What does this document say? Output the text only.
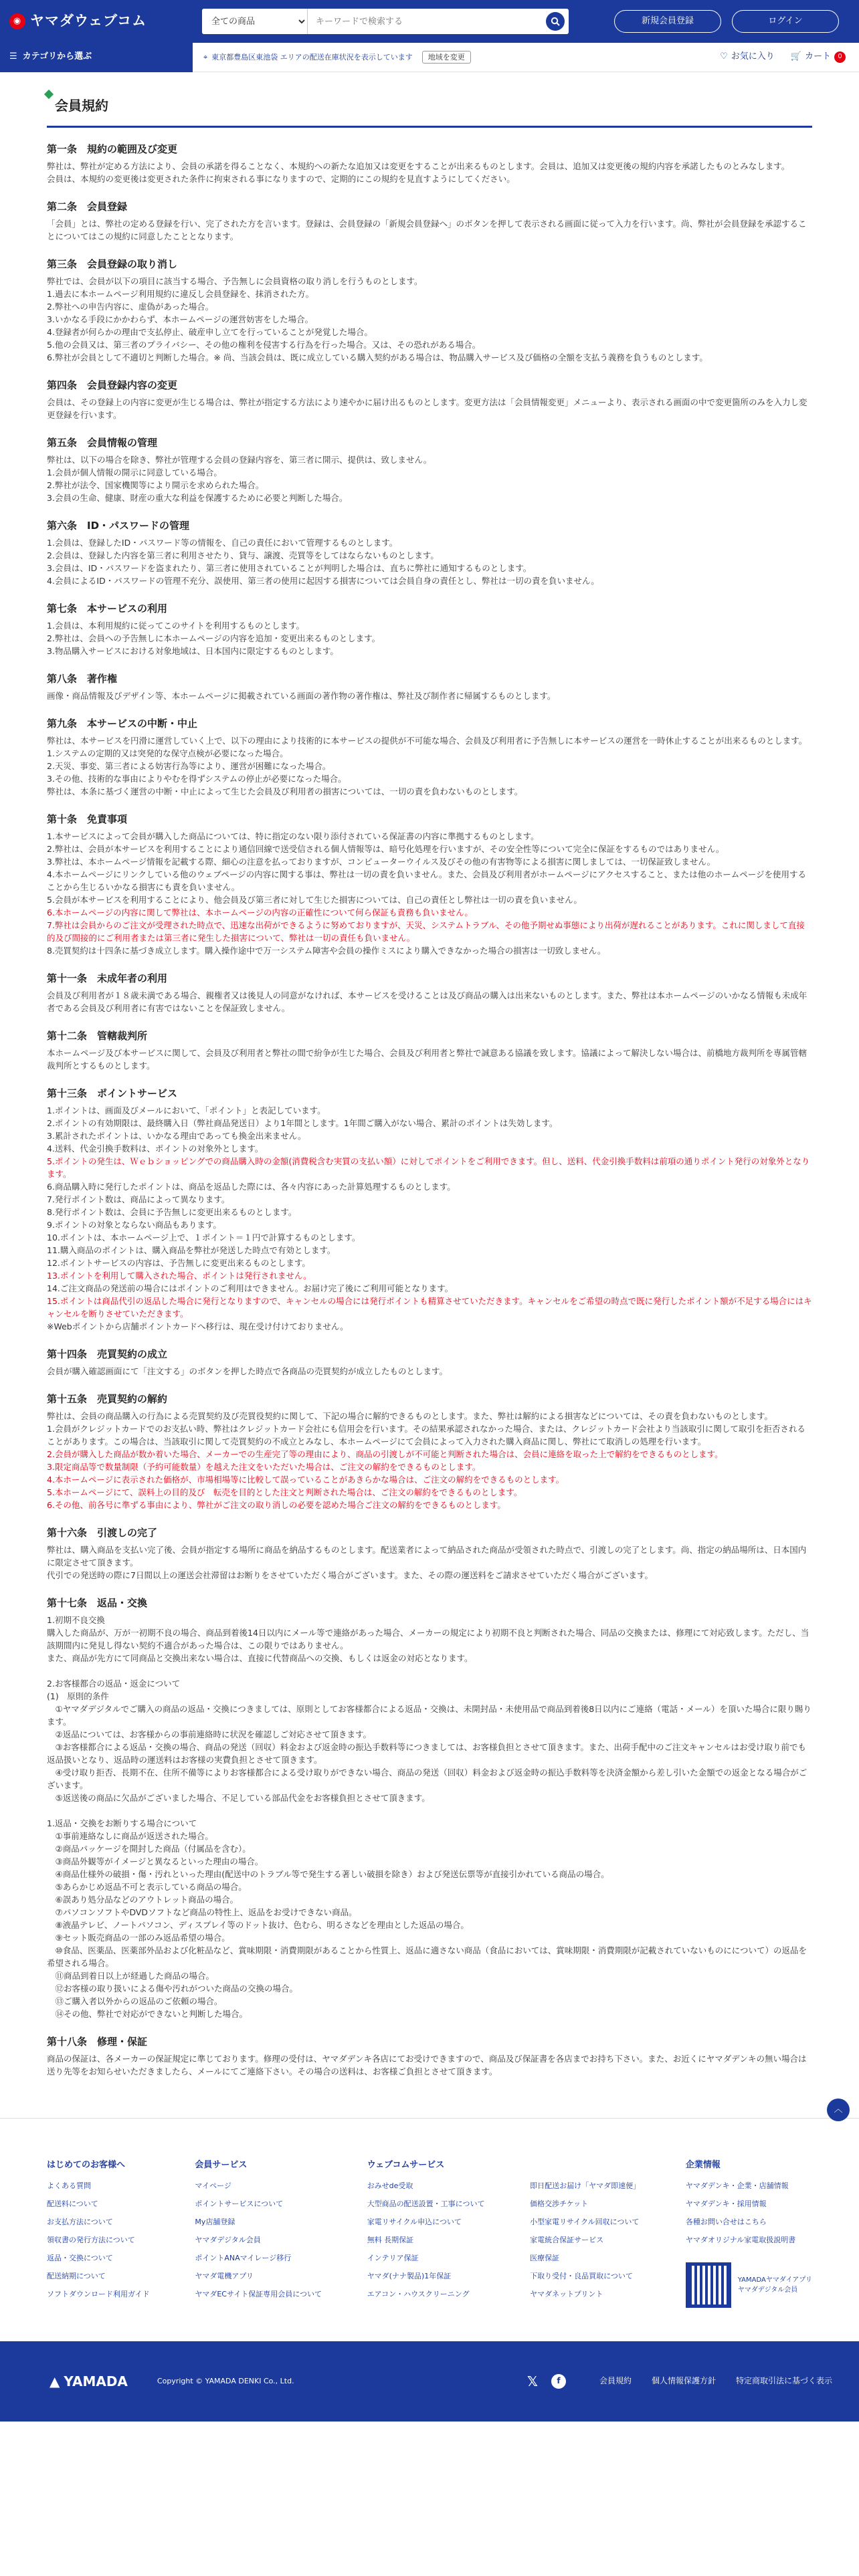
◉ ヤマダウェブコム
全ての商品
キーワードで検索する	新規会員登録	ログイン
☰ カテゴリから選ぶ	⌖ 東京都豊島区東池袋 エリアの配送在庫状況を表示しています	地域を変更	♡ お気に入り 🛒 カート	0
会員規約
第一条　規約の範囲及び変更

弊社は、弊社が定める方法により、会員の承諾を得ることなく、本規約への新たな追加又は変更をすることが出来るものとします。会員は、追加又は変更後の規約内容を承諾したものとみなします。

会員は、本規約の変更後は変更された条件に拘束される事になりますので、定期的にこの規約を見直すようにしてください。

第二条　会員登録

「会員」とは、弊社の定める登録を行い、完了された方を言います。登録は、会員登録の「新規会員登録へ」のボタンを押して表示される画面に従って入力を行います。尚、弊社が会員登録を承認することについてはこの規約に同意したこととなります。

第三条　会員登録の取り消し

弊社では、会員が以下の項目に該当する場合、予告無しに会員資格の取り消しを行うものとします。

1.過去に本ホームページ利用規約に違反し会員登録を、抹消された方。

2.弊社への申告内容に、虚偽があった場合。

3.いかなる手段にかかわらず、本ホームページの運営妨害をした場合。

4.登録者が何らかの理由で支払停止、破産申し立てを行っていることが発覚した場合。

5.他の会員又は、第三者のプライバシー、その他の権利を侵害する行為を行った場合。又は、その恐れがある場合。

6.弊社が会員として不適切と判断した場合。※ 尚、当該会員は、既に成立している購入契約がある場合は、物品購入サービス及び価格の全額を支払う義務を負うものとします。

第四条　会員登録内容の変更

会員は、その登録上の内容に変更が生じる場合は、弊社が指定する方法により速やかに届け出るものとします。変更方法は「会員情報変更」メニューより、表示される画面の中で変更箇所のみを入力し変更登録を行います。

第五条　会員情報の管理

弊社は、以下の場合を除き、弊社が管理する会員の登録内容を、第三者に開示、提供は、致しません。

1.会員が個人情報の開示に同意している場合。

2.弊社が法令、国家機関等により開示を求められた場合。

3.会員の生命、健康、財産の重大な利益を保護するために必要と判断した場合。

第六条　ID・パスワードの管理

1.会員は、登録したID・パスワード等の情報を、自己の責任において管理するものとします。

2.会員は、登録した内容を第三者に利用させたり、貸与、譲渡、売買等をしてはならないものとします。

3.会員は、ID・パスワードを盗まれたり、第三者に使用されていることが判明した場合は、直ちに弊社に通知するものとします。

4.会員によるID・パスワードの管理不充分、誤使用、第三者の使用に起因する損害については会員自身の責任とし、弊社は一切の責を負いません。

第七条　本サービスの利用

1.会員は、本利用規約に従ってこのサイトを利用するものとします。

2.弊社は、会員への予告無しに本ホームページの内容を追加・変更出来るものとします。

3.物品購入サービスにおける対象地域は、日本国内に限定するものとします。

第八条　著作権

画像・商品情報及びデザイン等、本ホームページに掲載されている画面の著作物の著作権は、弊社及び制作者に帰属するものとします。

第九条　本サービスの中断・中止

弊社は、本サービスを円滑に運営していく上で、以下の理由により技術的に本サービスの提供が不可能な場合、会員及び利用者に予告無しに本サービスの運営を一時休止することが出来るものとします。

1.システムの定期的又は突発的な保守点検が必要になった場合。

2.天災、事変、第三者による妨害行為等により、運営が困難になった場合。

3.その他、技術的な事由によりやむを得ずシステムの停止が必要になった場合。

弊社は、本条に基づく運営の中断・中止によって生じた会員及び利用者の損害については、一切の責を負わないものとします。

第十条　免責事項

1.本サービスによって会員が購入した商品については、特に指定のない限り添付されている保証書の内容に準拠するものとします。

2.弊社は、会員が本サービスを利用することにより通信回線で送受信される個人情報等は、暗号化処理を行いますが、その安全性等について完全に保証をするものではありません。

3.弊社は、本ホームページ情報を記載する際、細心の注意を払っておりますが、コンピューターウイルス及びその他の有害物等による損害に関しましては、一切保証致しません。

4.本ホームページにリンクしている他のウェブページの内容に関する事は、弊社は一切の責を負いません。また、会員及び利用者がホームページにアクセスすること、または他のホームページを使用することから生じるいかなる損害にも責を負いません。

5.会員が本サービスを利用することにより、他会員及び第三者に対して生じた損害については、自己の責任とし弊社は一切の責を負いません。

6.本ホームページの内容に関して弊社は、本ホームページの内容の正確性について何ら保証も責務も負いません。

7.弊社は会員からのご注文が受理された時点で、迅速な出荷ができるように努めておりますが、天災、システムトラブル、その他予期せぬ事態により出荷が遅れることがあります。これに関しまして直接的及び間接的にご利用者または第三者に発生した損害について、弊社は一切の責任も負いません。

8.売買契約は十四条に基づき成立します。購入操作途中で万一システム障害や会員の操作ミスにより購入できなかった場合の損害は一切致しません。

第十一条　未成年者の利用

会員及び利用者が１８歳未満である場合、親権者又は後見人の同意がなければ、本サービスを受けることは及び商品の購入は出来ないものとします。また、弊社は本ホームページのいかなる情報も未成年者である会員及び利用者に有害ではないことを保証致しません。

第十二条　管轄裁判所

本ホームページ及び本サービスに関して、会員及び利用者と弊社の間で紛争が生じた場合、会員及び利用者と弊社で誠意ある協議を致します。協議によって解決しない場合は、前橋地方裁判所を専属管轄裁判所とするものとします。

第十三条　ポイントサービス

1.ポイントは、画面及びメールにおいて、「ポイント」と表記しています。

2.ポイントの有効期限は、最終購入日（弊社商品発送日）より1年間とします。1年間ご購入がない場合、累計のポイントは失効します。

3.累計されたポイントは、いかなる理由であっても換金出来ません。

4.送料、代金引換手数料は、ポイントの対象外とします。

5.ポイントの発生は、Ｗｅｂショッピングでの商品購入時の金額(消費税含む実質の支払い額）に対してポイントをご利用できます。但し、送料、代金引換手数料は前項の通りポイント発行の対象外となります。

6.商品購入時に発行したポイントは、商品を返品した際には、各々内容にあった計算処理するものとします。

7.発行ポイント数は、商品によって異なります。

8.発行ポイント数は、会員に予告無しに変更出来るものとします。

9.ポイントの対象とならない商品もあります。

10.ポイントは、本ホームページ上で、１ポイント＝１円で計算するものとします。

11.購入商品のポイントは、購入商品を弊社が発送した時点で有効とします。

12.ポイントサービスの内容は、予告無しに変更出来るものとします。

13.ポイントを利用して購入された場合、ポイントは発行されません。

14.ご注文商品の発送前の場合にはポイントのご利用はできません。お届け完了後にご利用可能となります。

15.ポイントは商品代引の返品した場合に発行となりますので、キャンセルの場合には発行ポイントも精算させていただきます。キャンセルをご希望の時点で既に発行したポイント額が不足する場合にはキャンセルを断りさせていただきます。

※Webポイントから店舗ポイントカードへ移行は、現在受け付けておりません。

第十四条　売買契約の成立

会員が購入確認画面にて「注文する」のボタンを押した時点で各商品の売買契約が成立したものとします。

第十五条　売買契約の解約

弊社は、会員の商品購入の行為による売買契約及び売買役契約に関して、下記の場合に解約できるものとします。また、弊社は解約による損害などについては、その責を負わないものとします。

1.会員がクレジットカードでのお支払い時、弊社はクレジットカード会社にも信用会を行います。その結果承認されなかった場合、または、クレジットカード会社より当該取引に関して取引を拒否されることがあります。この場合は、当該取引に関して売買契約の不成立とみなし、本ホームページにて会員によって入力された購入商品に関し、弊社にて取消しの処理を行います。

2.会員が購入した商品が数か着いた場合、メーカーでの生産完了等の理由により、商品の引渡しが不可能と判断された場合は、会員に連絡を取った上で解約をできるものとします。

3.限定商品等で数量制限（予約可能数量）を越えた注文をいただいた場合は、ご注文の解約をできるものとします。

4.本ホームページに表示された価格が、市場相場等に比較して誤っていることがあきらかな場合は、ご注文の解約をできるものとします。

5.本ホームページにて、誤料上の目的及び　転売を目的とした注文と判断された場合は、ご注文の解約をできるものとします。

6.その他、前各号に準ずる事由により、弊社がご注文の取り消しの必要を認めた場合ご注文の解約をできるものとします。

第十六条　引渡しの完了

弊社は、購入商品を支払い完了後、会員が指定する場所に商品を納品するものとします。配送業者によって納品された商品が受領された時点で、引渡しの完了とします。尚、指定の納品場所は、日本国内に限定させて頂きます。

代引での発送時の際に7日間以上の運送会社滞留はお断りをさせていただく場合がございます。また、その際の運送料をご請求させていただく場合がございます。

第十七条　返品・交換

1.初期不良交換

購入した商品が、万が一初期不良の場合、商品到着後14日以内にメール等で連絡があった場合、メーカーの規定により初期不良と判断された場合、同品の交換または、修理にて対応致します。ただし、当該期間内に発見し得ない契約不適合があった場合は、この限りではありません。

また、商品が先方にて同商品と交換出来ない場合は、直接に代替商品への交換、もしくは返金の対応となります。

2.お客様都合の返品・返金について

(1)　原則的条件

　①ヤマダデジタルでご購入の商品の返品・交換につきましては、原則としてお客様都合による返品・交換は、未開封品・未使用品で商品到着後8日以内にご連絡（電話・メール）を頂いた場合に限り賜ります。

　②返品については、お客様からの事前連絡時に状況を確認しご対応させて頂きます。

　③お客様都合による返品・交換の場合、商品の発送（回収）料金および返金時の振込手数料等につきましては、お客様負担とさせて頂きます。また、出荷手配中のご注文キャンセルはお受け取り前でも返品扱いとなり、返品時の運送料はお客様の実費負担とさせて頂きます。

　④受け取り拒否、長期不在、住所不備等によりお客様都合による受け取りができない場合、商品の発送（回収）料金および返金時の振込手数料等を決済金額から差し引いた金額での返金となる場合がございます。

　⑤返送後の商品に欠品がございました場合、不足している部品代金をお客様負担とさせて頂きます。

1.返品・交換をお断りする場合について

　①事前連絡なしに商品が返送された場合。

　②商品パッケージを開封した商品（付属品を含む）。

　③商品外観等がイメージと異なるといった理由の場合。

　④商品仕様外の破損・傷・汚れといった理由(配送中のトラブル等で発生する著しい破損を除き）および発送伝票等が直接引かれている商品の場合。

　⑤あらかじめ返品不可と表示している商品の場合。

　⑥誤あり処分品などのアウトレット商品の場合。

　⑦パソコンソフトやDVDソフトなど商品の特性上、返品をお受けできない商品。

　⑧液晶テレビ、ノートパソコン、ディスプレイ等のドット抜け、色むら、明るさなどを理由とした返品の場合。

　⑨セット販売商品の一部のみ返品希望の場合。

　⑩食品、医薬品、医薬部外品および化粧品など、賞味期限・消費期限があることから性質上、返品に適さない商品（食品においては、賞味期限・消費期限が記載されていないものにについて）の返品を希望される場合。

　⑪商品到着日以上が経過した商品の場合。

　⑫お客様の取り扱いによる傷や汚れがついた商品の交換の場合。

　⑬ご購入者以外からの返品のご依頼の場合。

　⑭その他、弊社で対応ができないと判断した場合。

第十八条　修理・保証

商品の保証は、各メーカーの保証規定に準じております。修理の受付は、ヤマダデンキ各店にてお受けできますので、商品及び保証書を各店までお持ち下さい。また、お近くにヤマダデンキの無い場合は送り先等をお知らせいただきましたら、メールにてご連絡下さい。その場合の送料は、お客様ご負担とさせて頂きます。

︿
はじめてのお客様へ
よくある質問
配送料について
お支払方法について
領収書の発行方法について
返品・交換について
配送納期について
ソフトダウンロード利用ガイド
会員サービス
マイページ
ポイントサービスについて
My店舗登録
ヤマダデジタル会員
ポイントANAマイレージ移行
ヤマダ電機アプリ
ヤマダECサイト保証専用会員について
ウェブコムサービス
おみせde受取
大型商品の配送設置・工事について
家電リサイクル申込について
無料 長期保証
インテリア保証
ヤマダ(ナナ製品)1年保証
エアコン・ハウスクリーニング
即日配送お届け「ヤマダ即速便」
価格交渉チケット
小型家電リサイクル回収について
家電統合保証サービス
医療保証
下取り受付・良品買取について
ヤマダネットプリント
企業情報
ヤマダデンキ・企業・店舗情報
ヤマダデンキ・採用情報
各種お問い合せはこちら
ヤマダオリジナル家電取扱説明書
YAMADAヤマダイアプリ
ヤマダデジタル会員
▲ YAMADA	Copyright © YAMADA DENKI Co., Ltd.	𝕏	f	会員規約	個人情報保護方針	特定商取引法に基づく表示
